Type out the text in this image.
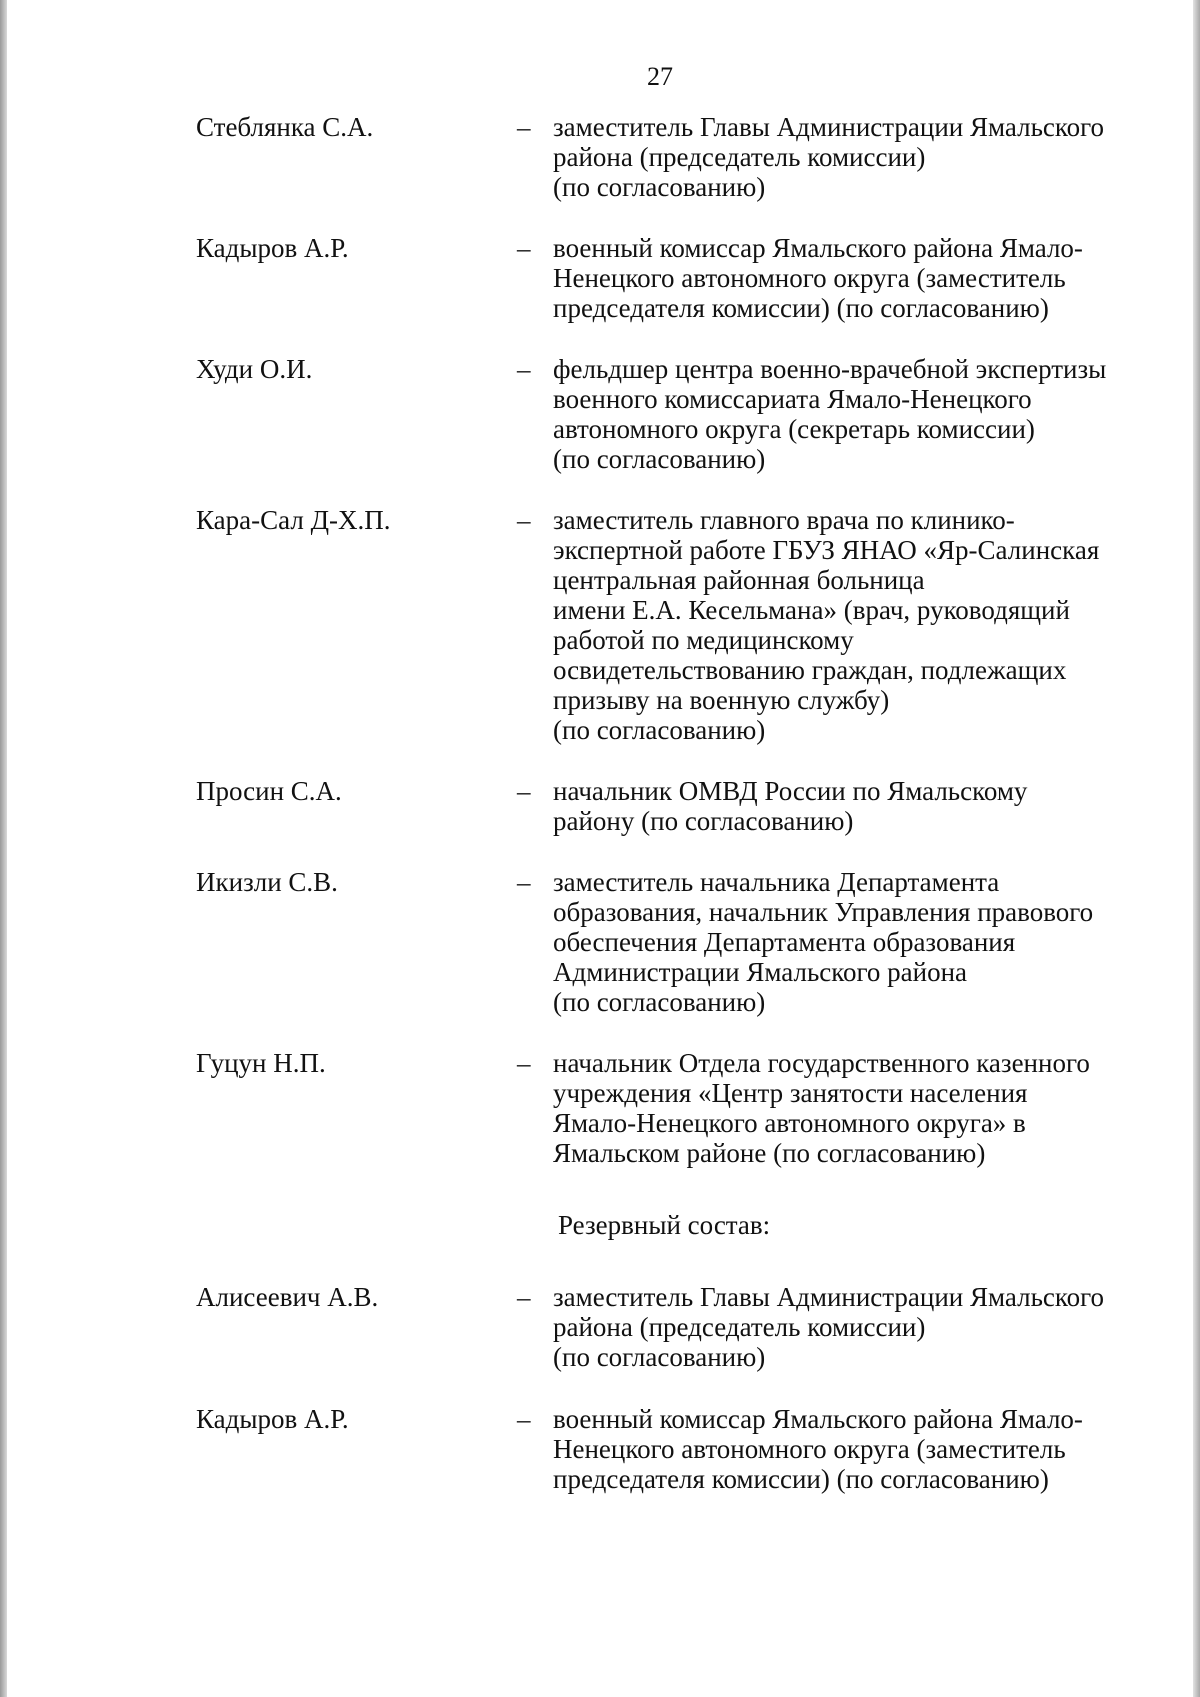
27
Стеблянка С.А.	– заместитель Главы Администрации Ямальского
района (председатель комиссии)
(по согласованию)
Кадыров А.Р.	– военный комиссар Ямальского района Ямало-
Ненецкого автономного округа (заместитель
председателя комиссии) (по согласованию)
Худи О.И.	– фельдшер центра военно-врачебной экспертизы
военного комиссариата Ямало-Ненецкого
автономного округа (секретарь комиссии)
(по согласованию)
Кара-Сал Д-Х.П.	– заместитель главного врача по клинико-
экспертной работе ГБУЗ ЯНАО «Яр-Салинская
центральная районная больница
имени Е.А. Кесельмана» (врач, руководящий
работой по медицинскому
освидетельствованию граждан, подлежащих
призыву на военную службу)
(по согласованию)
Просин С.А.	– начальник ОМВД России по Ямальскому
району (по согласованию)
Икизли С.В.	– заместитель начальника Департамента
образования, начальник Управления правового
обеспечения Департамента образования
Администрации Ямальского района
(по согласованию)
Гуцун Н.П.	– начальник Отдела государственного казенного
учреждения «Центр занятости населения
Ямало-Ненецкого автономного округа» в
Ямальском районе (по согласованию)
Резервный состав:
Алисеевич А.В.	– заместитель Главы Администрации Ямальского
района (председатель комиссии)
(по согласованию)
Кадыров А.Р.	– военный комиссар Ямальского района Ямало-
Ненецкого автономного округа (заместитель
председателя комиссии) (по согласованию)
